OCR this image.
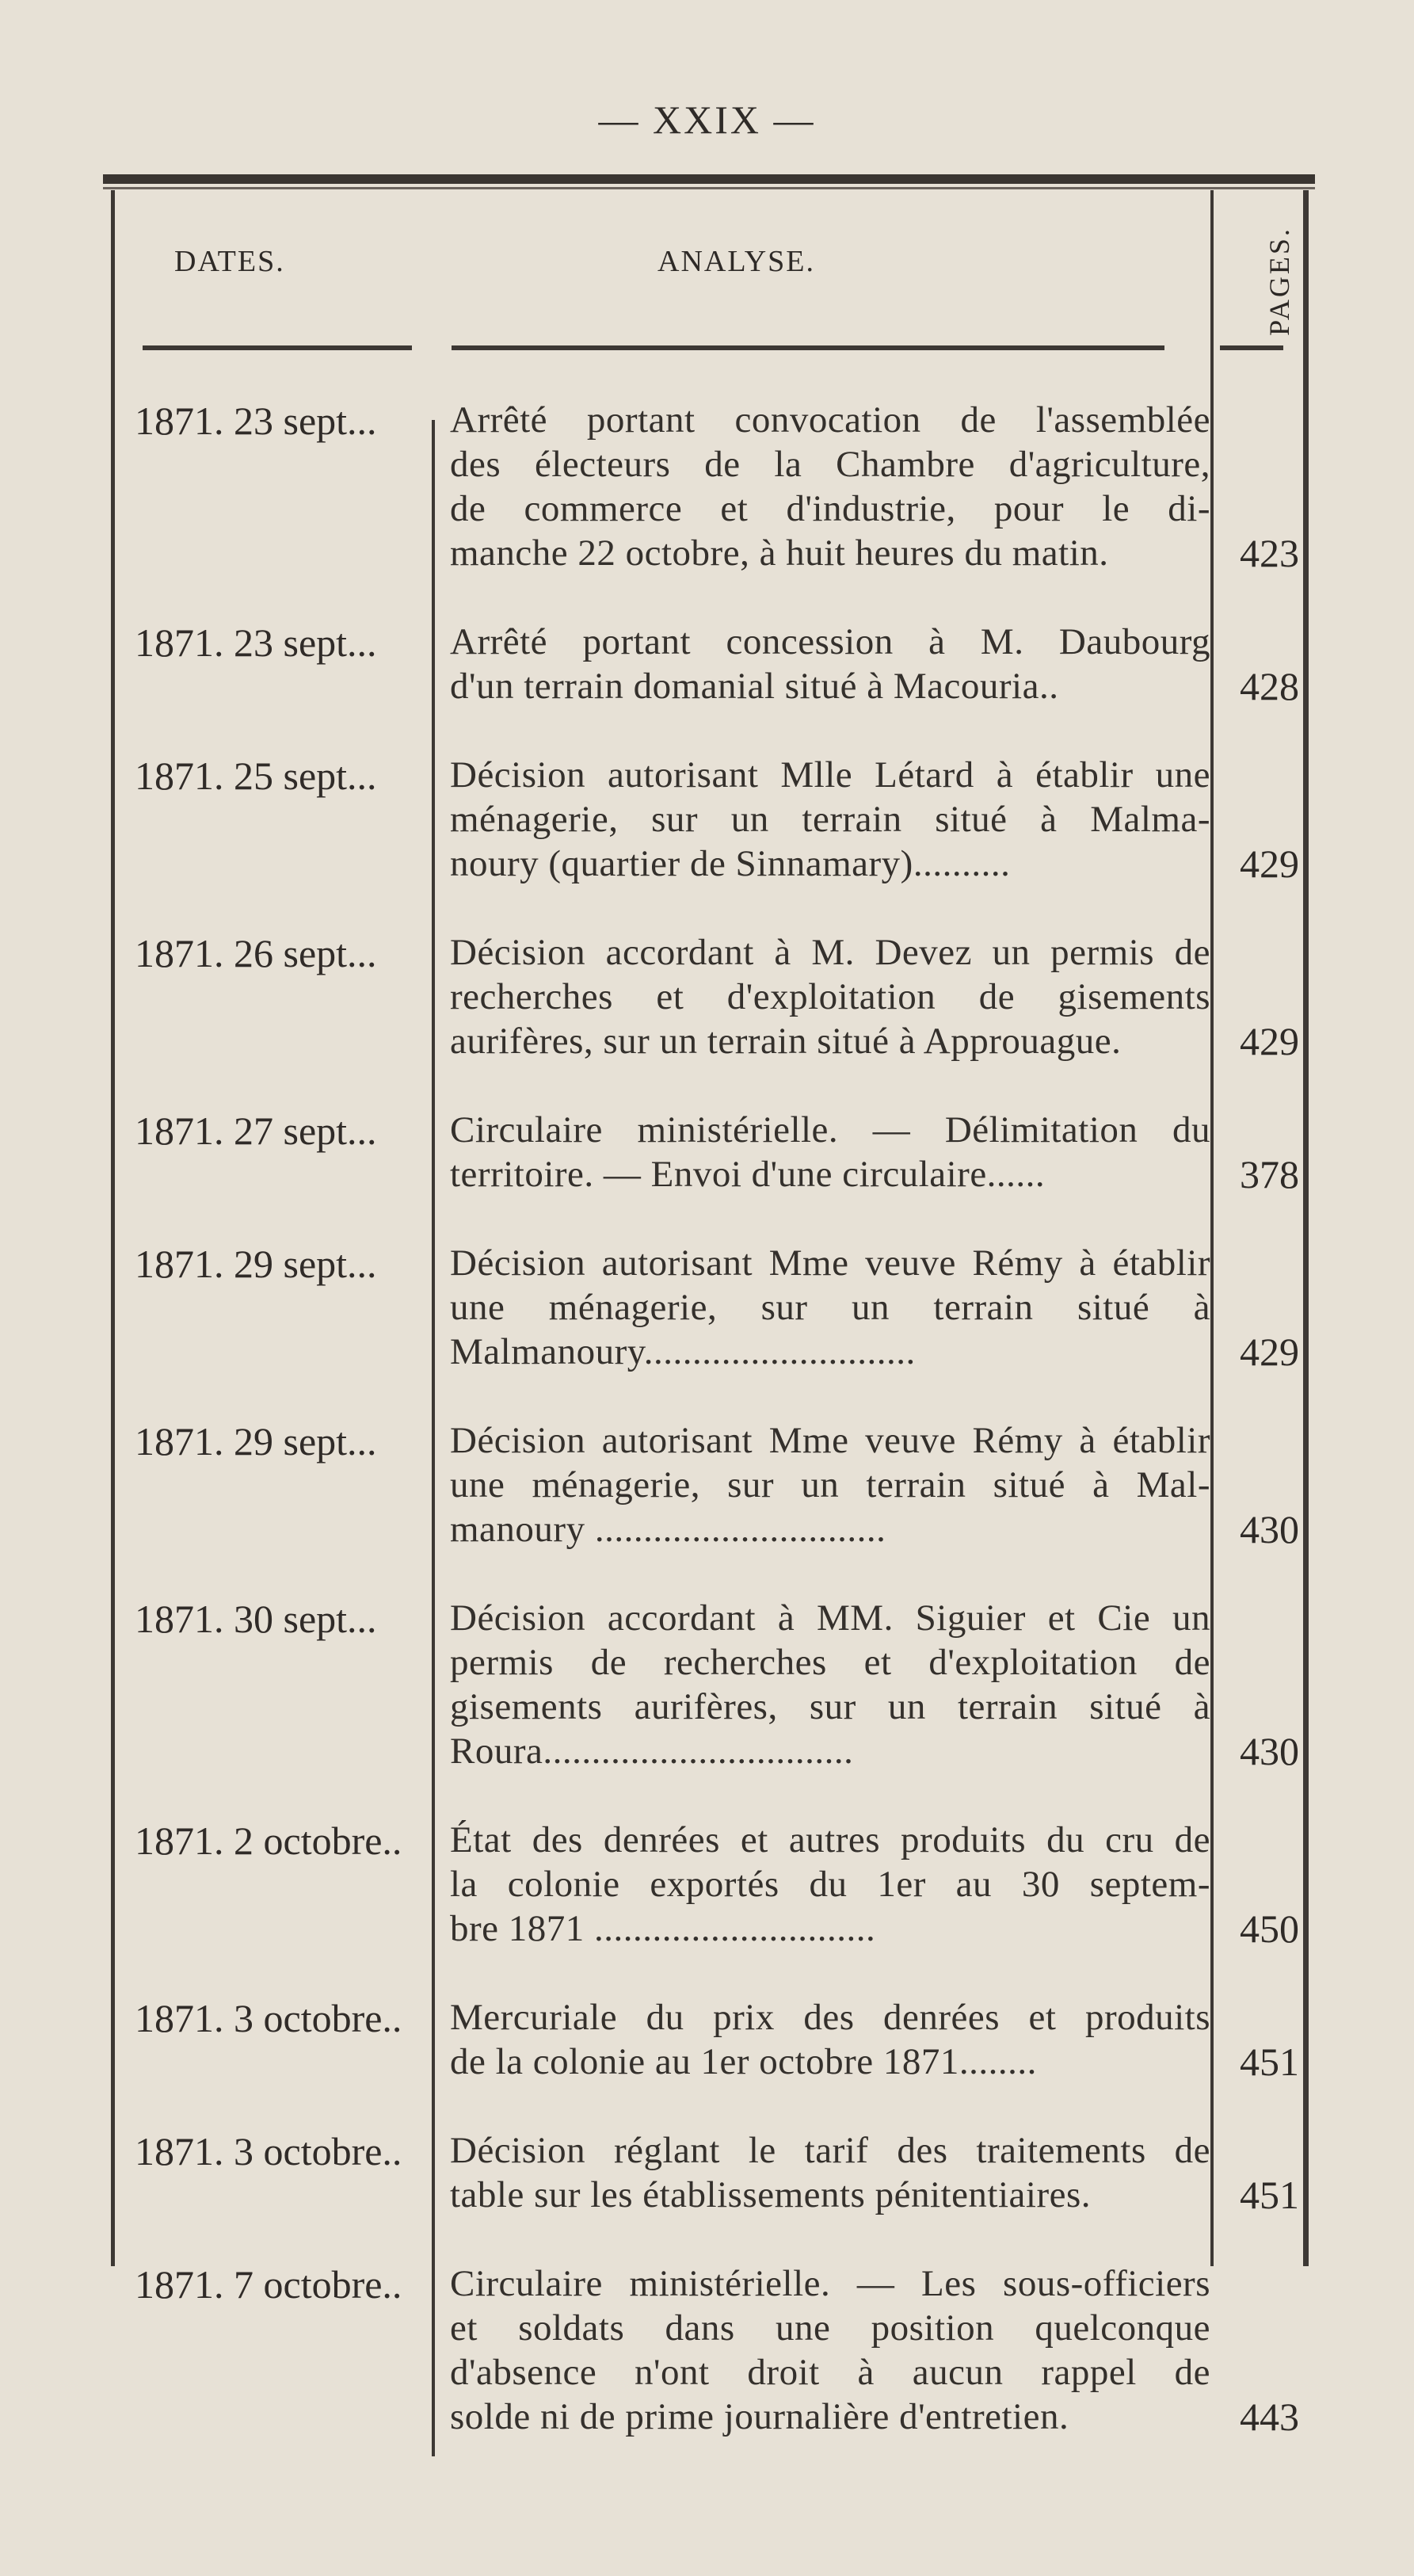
— XXIX —
DATES.	ANALYSE.	PAGES.
1871. 23 sept...	Arrêté portant convocation de l'assemblée
des électeurs de la Chambre d'agriculture,
de commerce et d'industrie, pour le di-
manche 22 octobre, à huit heures du matin.	423
1871. 23 sept...	Arrêté portant concession à M. Daubourg
d'un terrain domanial situé à Macouria..	428
1871. 25 sept...	Décision autorisant Mlle Létard à établir une
ménagerie, sur un terrain situé à Malma-
noury (quartier de Sinnamary)..........	429
1871. 26 sept...	Décision accordant à M. Devez un permis de
recherches et d'exploitation de gisements
aurifères, sur un terrain situé à Approuague.	429
1871. 27 sept...	Circulaire ministérielle. — Délimitation du
territoire. — Envoi d'une circulaire......	378
1871. 29 sept...	Décision autorisant Mme veuve Rémy à établir
une ménagerie, sur un terrain situé à
Malmanoury............................	429
1871. 29 sept...	Décision autorisant Mme veuve Rémy à établir
une ménagerie, sur un terrain situé à Mal-
manoury ..............................	430
1871. 30 sept...	Décision accordant à MM. Siguier et Cie un
permis de recherches et d'exploitation de
gisements aurifères, sur un terrain situé à
Roura................................	430
1871. 2 octobre..	État des denrées et autres produits du cru de
la colonie exportés du 1er au 30 septem-
bre 1871 .............................	450
1871. 3 octobre..	Mercuriale du prix des denrées et produits
de la colonie au 1er octobre 1871........	451
1871. 3 octobre..	Décision réglant le tarif des traitements de
table sur les établissements pénitentiaires.	451
1871. 7 octobre..	Circulaire ministérielle. — Les sous-officiers
et soldats dans une position quelconque
d'absence n'ont droit à aucun rappel de
solde ni de prime journalière d'entretien.	443
